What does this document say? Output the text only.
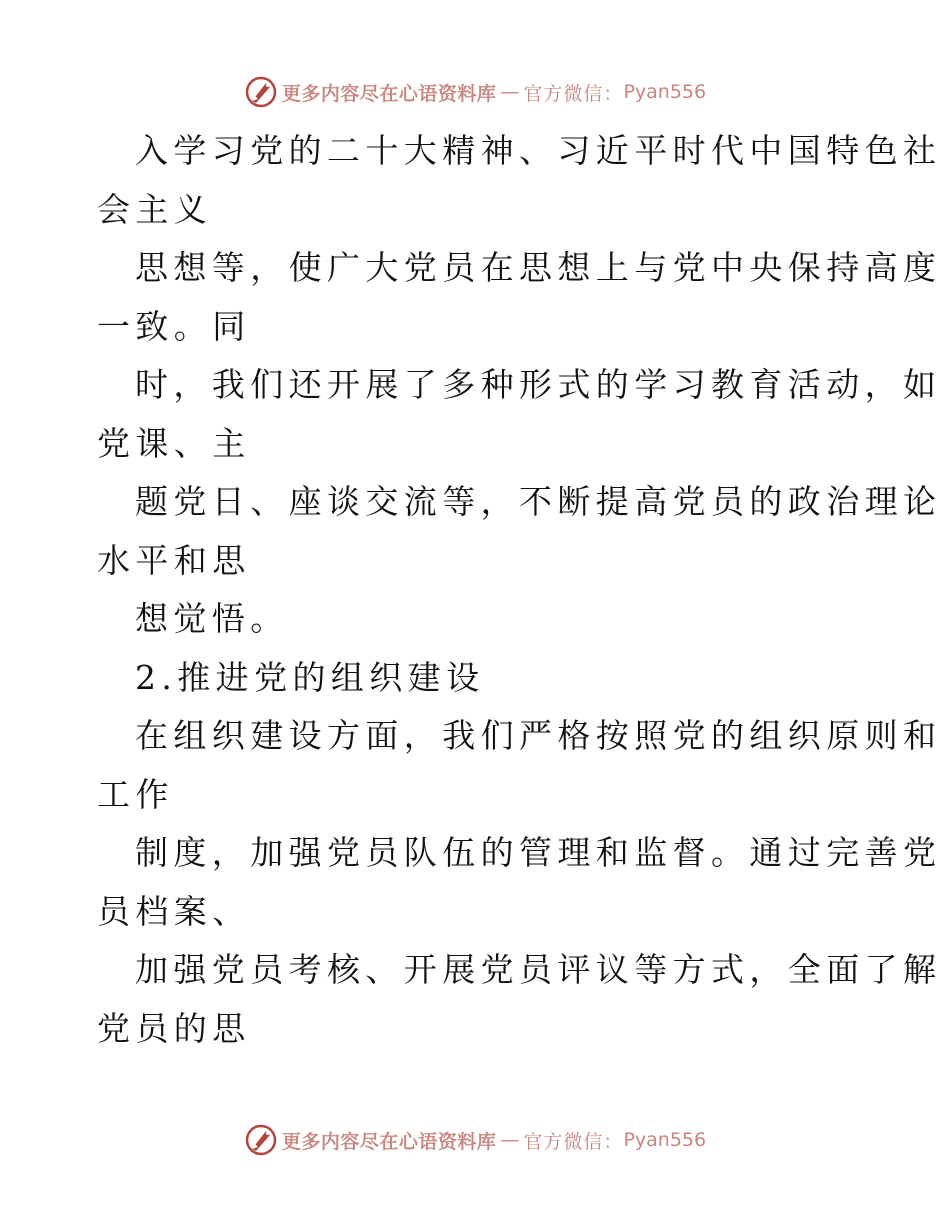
更多内容尽在心语资料库 — 官方微信： Pyan556
入学习党的二十大精神、习近平时代中国特色社
会主义
思想等，使广大党员在思想上与党中央保持高度
一致。同
时，我们还开展了多种形式的学习教育活动，如
党课、主
题党日、座谈交流等，不断提高党员的政治理论
水平和思
想觉悟。
2.推进党的组织建设
在组织建设方面，我们严格按照党的组织原则和
工作
制度，加强党员队伍的管理和监督。通过完善党
员档案、
加强党员考核、开展党员评议等方式，全面了解
党员的思
更多内容尽在心语资料库 — 官方微信： Pyan556
